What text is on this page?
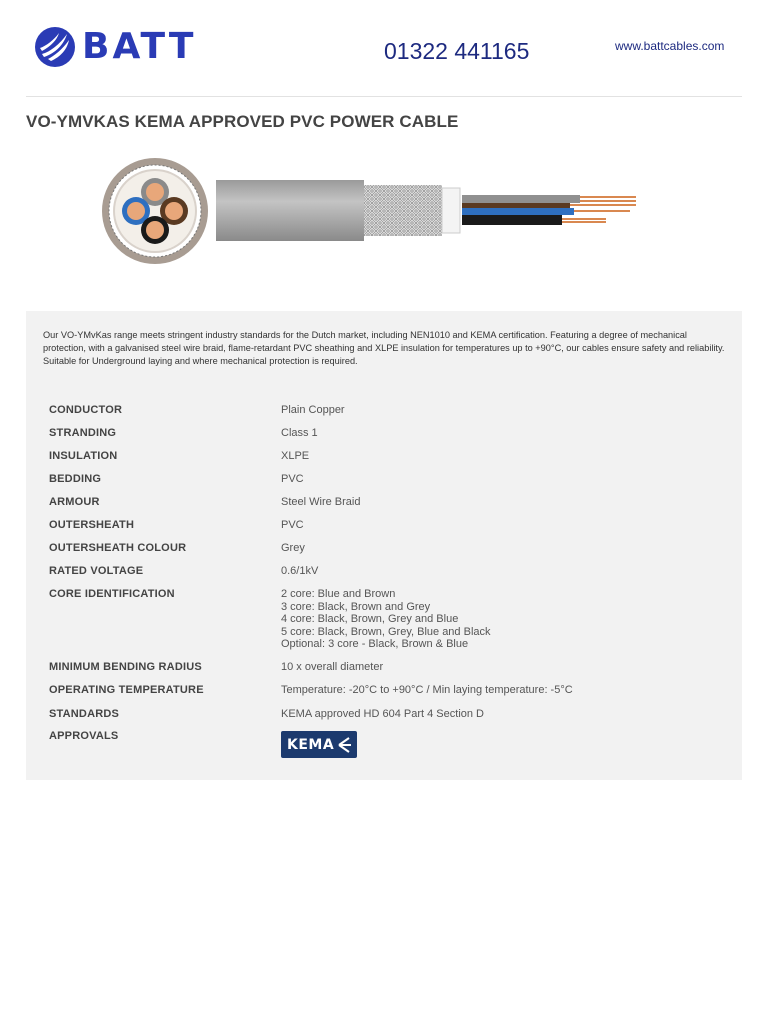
BATT	01322 441165	www.battcables.com
VO-YMVKAS KEMA APPROVED PVC POWER CABLE

Our VO-YMvKas range meets stringent industry standards for the Dutch market, including NEN1010 and KEMA certification. Featuring a degree of mechanical protection, with a galvanised steel wire braid, flame-retardant PVC sheathing and XLPE insulation for temperatures up to +90°C, our cables ensure safety and reliability. Suitable for Underground laying and where mechanical protection is required.

CONDUCTOR	Plain Copper
STRANDING	Class 1
INSULATION	XLPE
BEDDING	PVC
ARMOUR	Steel Wire Braid
OUTERSHEATH	PVC
OUTERSHEATH COLOUR	Grey
RATED VOLTAGE	0.6/1kV
CORE IDENTIFICATION	2 core: Blue and Brown
3 core: Black, Brown and Grey
4 core: Black, Brown, Grey and Blue
5 core: Black, Brown, Grey, Blue and Black
Optional: 3 core - Black, Brown & Blue
MINIMUM BENDING RADIUS	10 x overall diameter
OPERATING TEMPERATURE	Temperature: -20°C to +90°C / Min laying temperature: -5°C
STANDARDS	KEMA approved HD 604 Part 4 Section D
APPROVALS
KEMA
